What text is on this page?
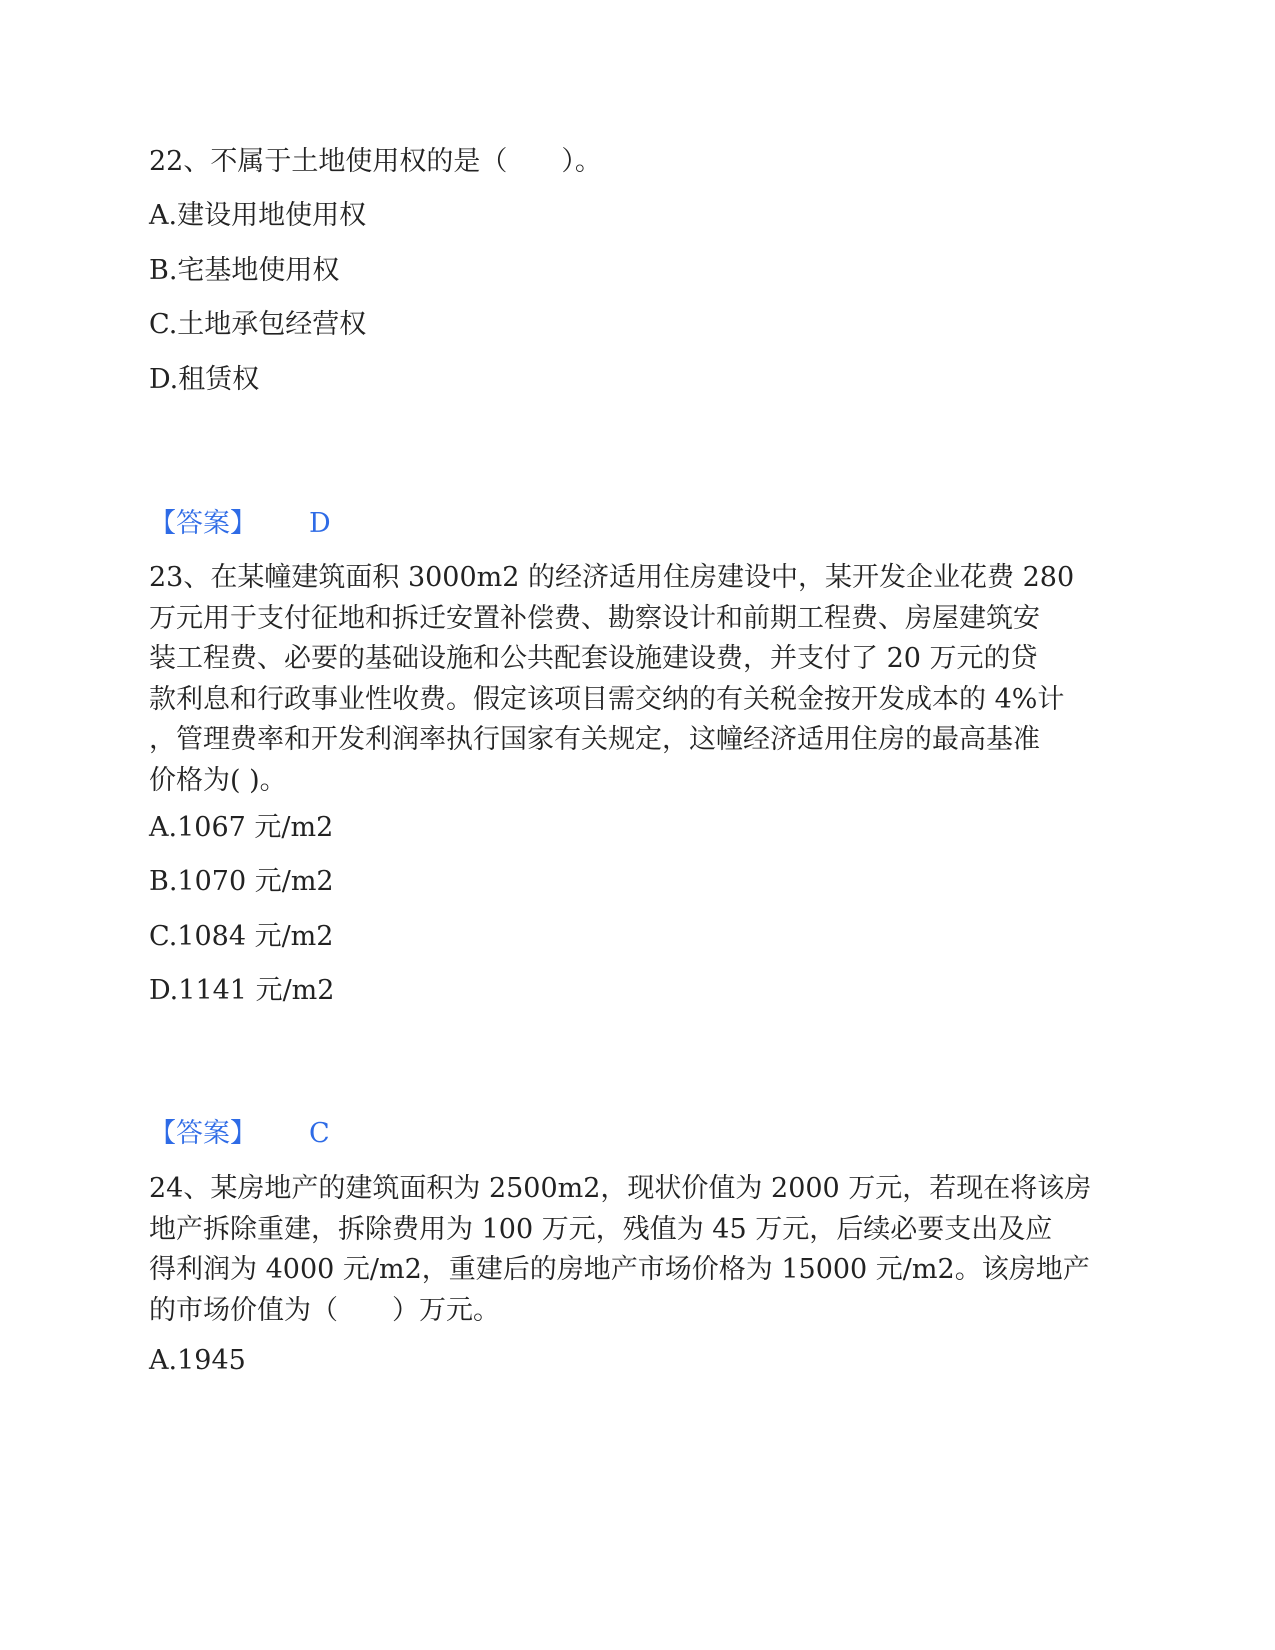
22、不属于土地使用权的是（　　）。
A.建设用地使用权
B.宅基地使用权
C.土地承包经营权
D.租赁权
【答案】 D
23、在某幢建筑面积 3000m2 的经济适用住房建设中，某开发企业花费 280
万元用于支付征地和拆迁安置补偿费、勘察设计和前期工程费、房屋建筑安
装工程费、必要的基础设施和公共配套设施建设费，并支付了 20 万元的贷
款利息和行政事业性收费。假定该项目需交纳的有关税金按开发成本的 4%计
，管理费率和开发利润率执行国家有关规定，这幢经济适用住房的最高基准
价格为( )。
A.1067 元/m2
B.1070 元/m2
C.1084 元/m2
D.1141 元/m2
【答案】 C
24、某房地产的建筑面积为 2500m2，现状价值为 2000 万元，若现在将该房
地产拆除重建，拆除费用为 100 万元，残值为 45 万元，后续必要支出及应
得利润为 4000 元/m2，重建后的房地产市场价格为 15000 元/m2。该房地产
的市场价值为（　　）万元。
A.1945
